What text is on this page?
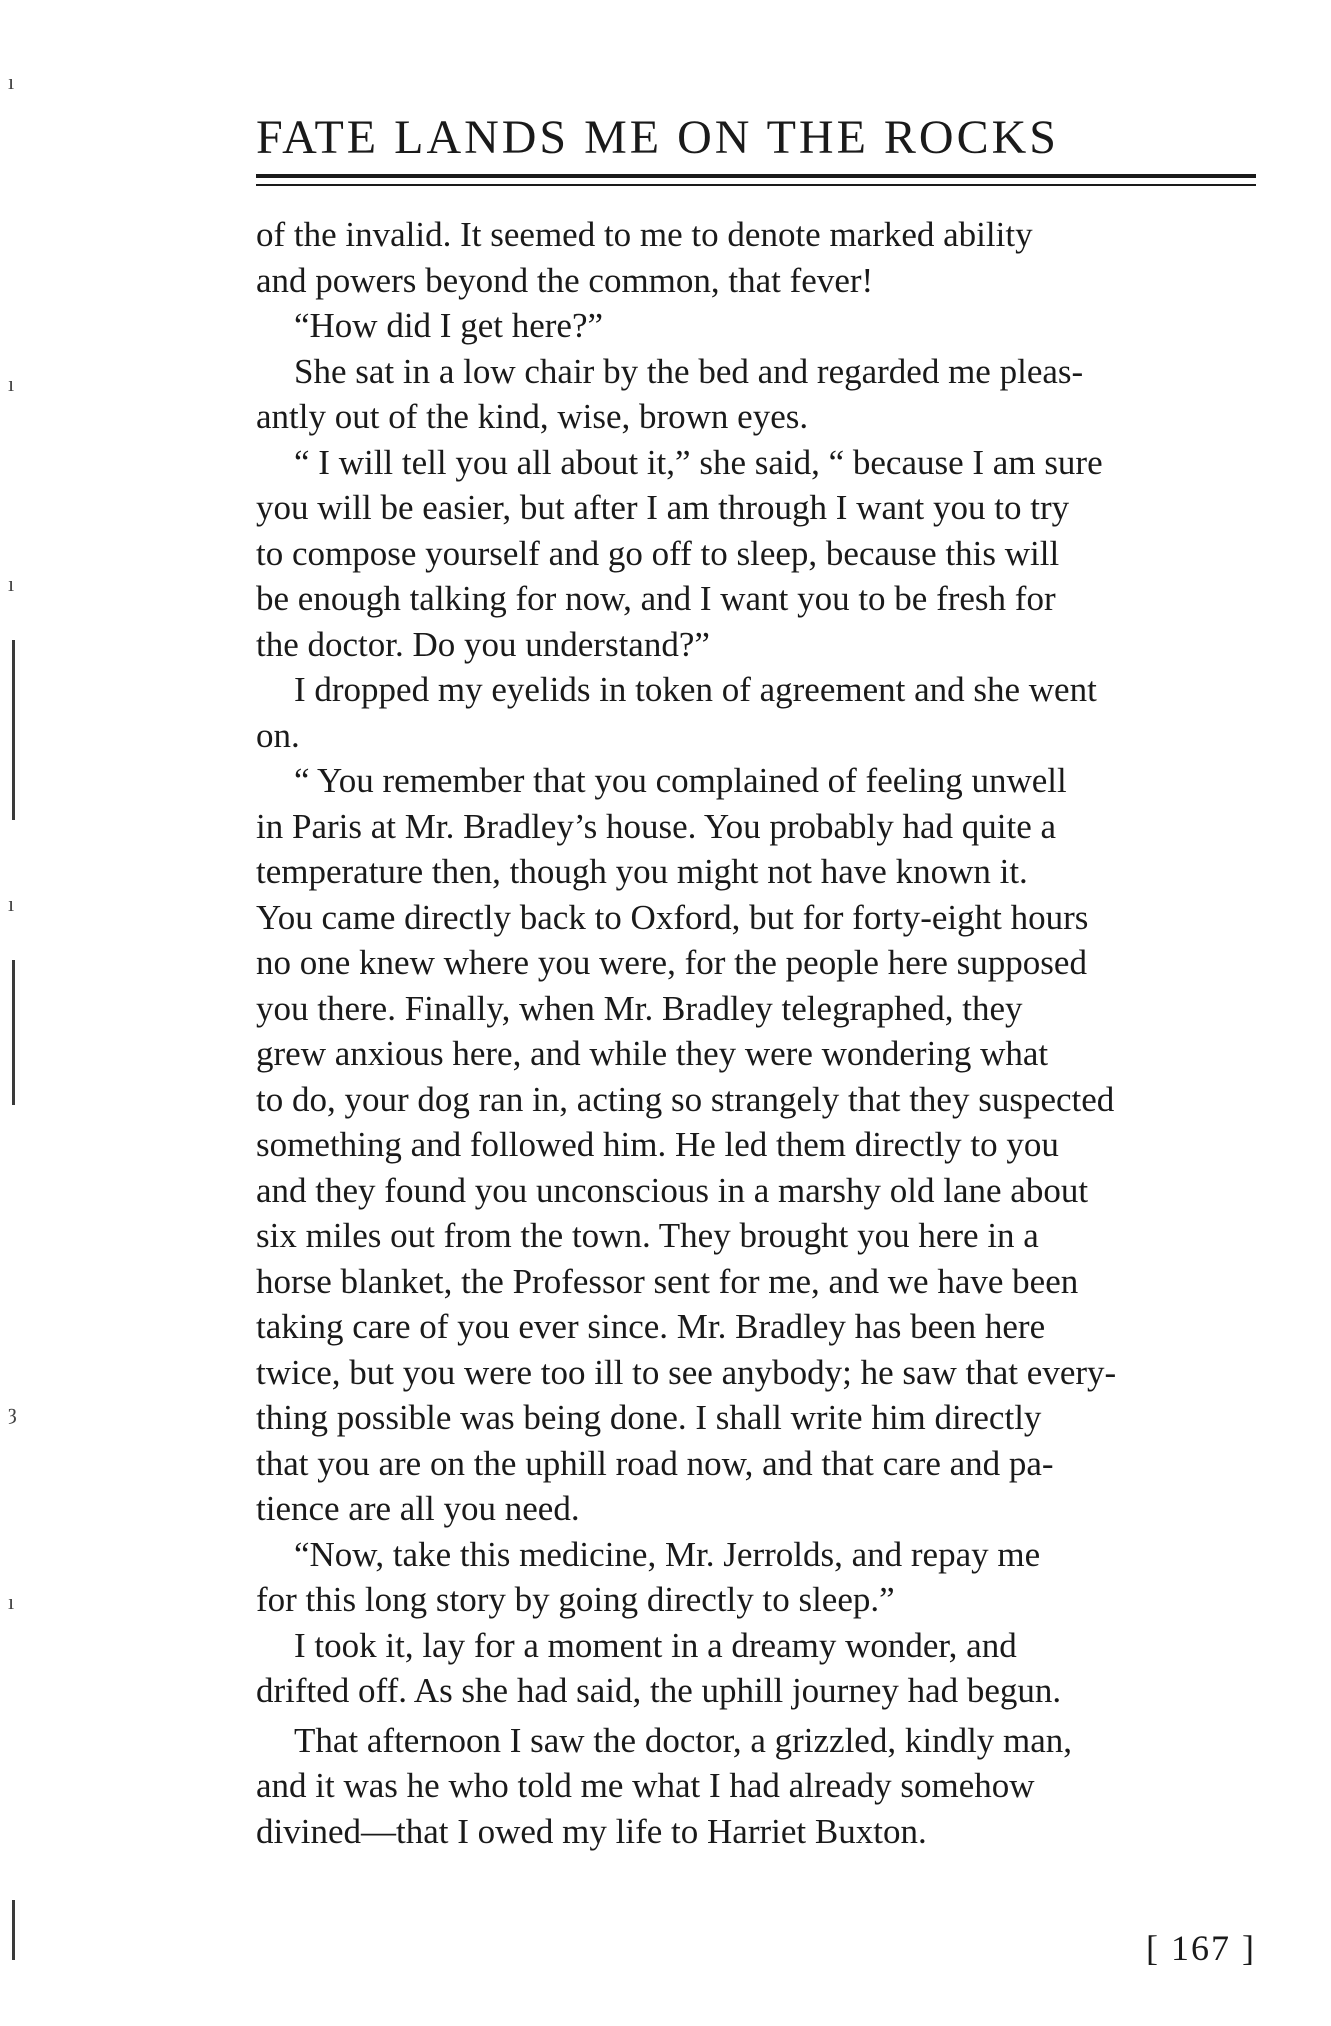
ı
ı
ı
ı
ȝ
ı
FATE LANDS ME ON THE ROCKS

of the invalid. It seemed to me to denote marked ability
and powers beyond the common, that fever!

“How did I get here?”

She sat in a low chair by the bed and regarded me pleas-
antly out of the kind, wise, brown eyes.

“ I will tell you all about it,” she said, “ because I am sure
you will be easier, but after I am through I want you to try
to compose yourself and go off to sleep, because this will
be enough talking for now, and I want you to be fresh for
the doctor. Do you understand?”

I dropped my eyelids in token of agreement and she went
on.

“ You remember that you complained of feeling unwell
in Paris at Mr. Bradley’s house. You probably had quite a
temperature then, though you might not have known it.
You came directly back to Oxford, but for forty-eight hours
no one knew where you were, for the people here supposed
you there. Finally, when Mr. Bradley telegraphed, they
grew anxious here, and while they were wondering what
to do, your dog ran in, acting so strangely that they suspected
something and followed him. He led them directly to you
and they found you unconscious in a marshy old lane about
six miles out from the town. They brought you here in a
horse blanket, the Professor sent for me, and we have been
taking care of you ever since. Mr. Bradley has been here
twice, but you were too ill to see anybody; he saw that every-
thing possible was being done. I shall write him directly
that you are on the uphill road now, and that care and pa-
tience are all you need.

“Now, take this medicine, Mr. Jerrolds, and repay me
for this long story by going directly to sleep.”

I took it, lay for a moment in a dreamy wonder, and
drifted off. As she had said, the uphill journey had begun.

That afternoon I saw the doctor, a grizzled, kindly man,
and it was he who told me what I had already somehow
divined—that I owed my life to Harriet Buxton.

[ 167 ]
